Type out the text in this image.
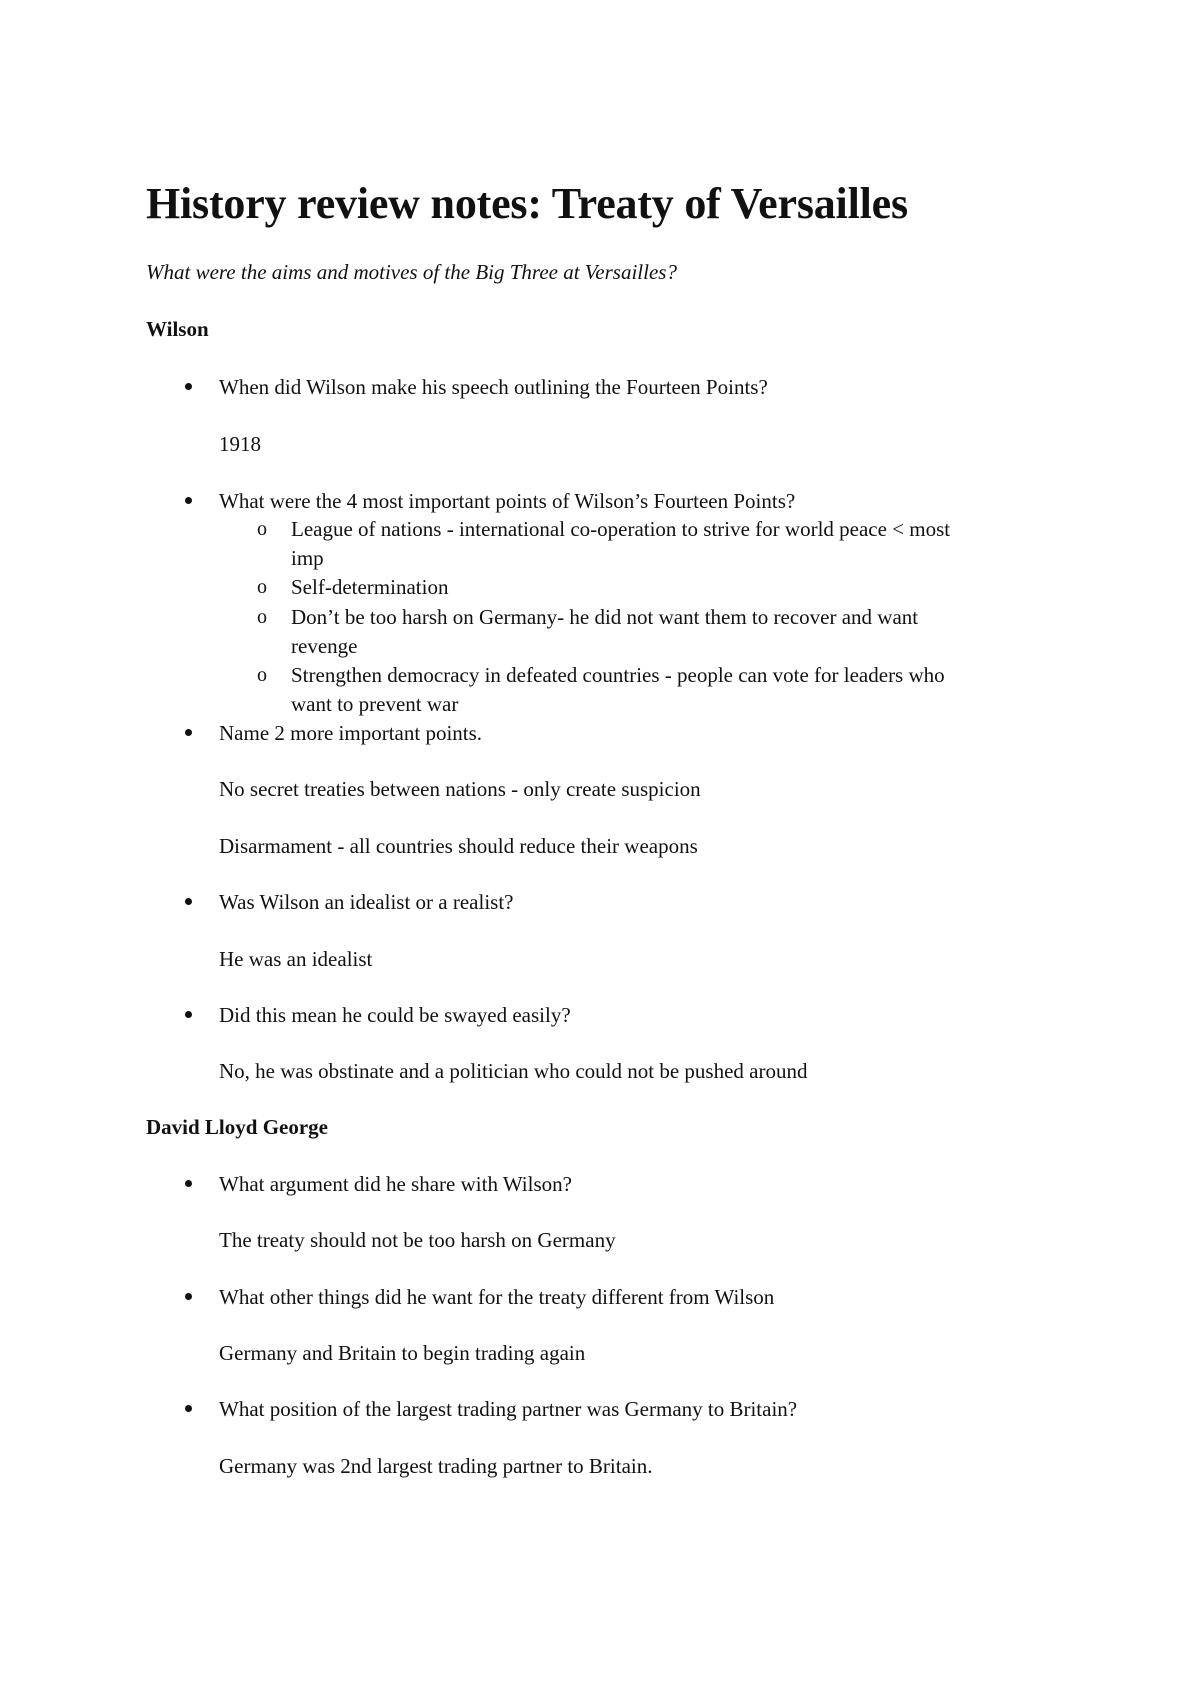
History review notes: Treaty of Versailles

What were the aims and motives of the Big Three at Versailles?

Wilson

When did Wilson make his speech outlining the Fourteen Points?

1918

What were the 4 most important points of Wilson’s Fourteen Points?

o League of nations - international co-operation to strive for world peace < most

imp

o Self-determination

o Don’t be too harsh on Germany- he did not want them to recover and want

revenge

o Strengthen democracy in defeated countries - people can vote for leaders who

want to prevent war

Name 2 more important points.

No secret treaties between nations - only create suspicion

Disarmament - all countries should reduce their weapons

Was Wilson an idealist or a realist?

He was an idealist

Did this mean he could be swayed easily?

No, he was obstinate and a politician who could not be pushed around

David Lloyd George

What argument did he share with Wilson?

The treaty should not be too harsh on Germany

What other things did he want for the treaty different from Wilson

Germany and Britain to begin trading again

What position of the largest trading partner was Germany to Britain?

Germany was 2nd largest trading partner to Britain.
